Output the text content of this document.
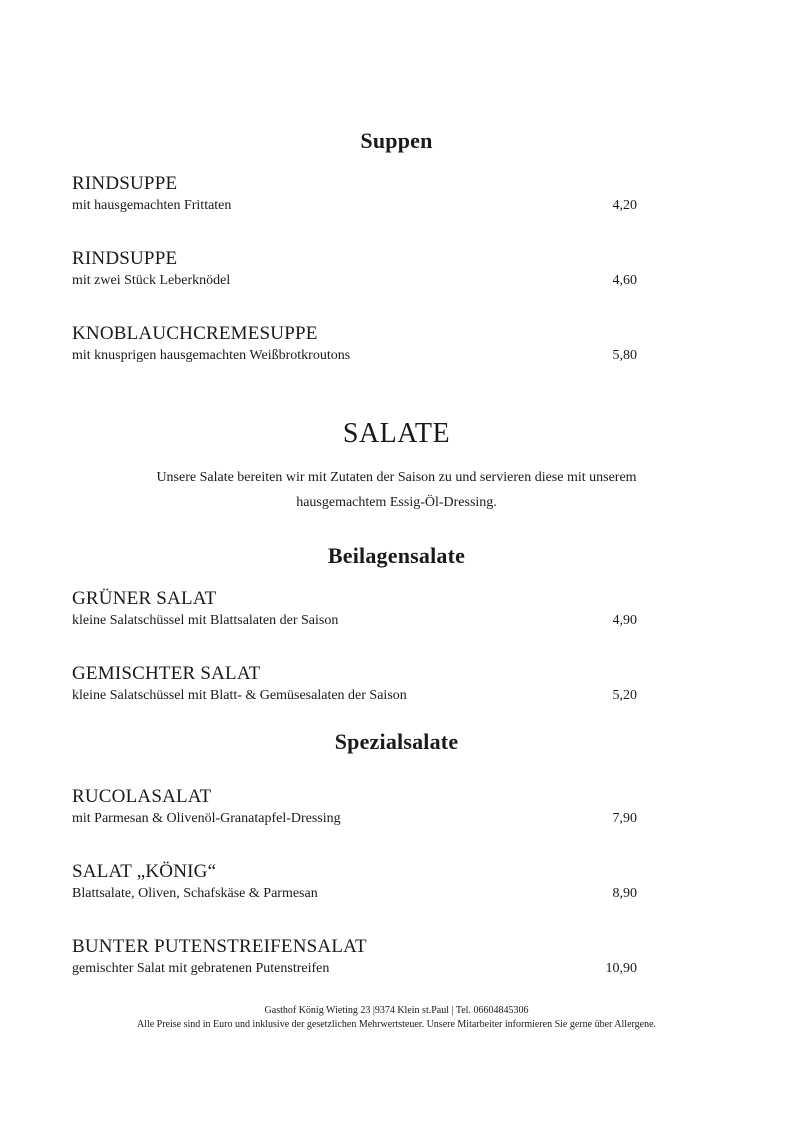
Suppen
RINDSUPPE
mit hausgemachten Frittaten	4,20
RINDSUPPE
mit zwei Stück Leberknödel	4,60
KNOBLAUCHCREMESUPPE
mit knusprigen hausgemachten Weißbrotkroutons	5,80
SALATE
Unsere Salate bereiten wir mit Zutaten der Saison zu und servieren diese mit unserem
hausgemachtem Essig-Öl-Dressing.
Beilagensalate
GRÜNER SALAT
kleine Salatschüssel mit Blattsalaten der Saison	4,90
GEMISCHTER SALAT
kleine Salatschüssel mit Blatt- & Gemüsesalaten der Saison	5,20
Spezialsalate
RUCOLASALAT
mit Parmesan & Olivenöl-Granatapfel-Dressing	7,90
SALAT „KÖNIG“
Blattsalate, Oliven, Schafskäse & Parmesan	8,90
BUNTER PUTENSTREIFENSALAT
gemischter Salat mit gebratenen Putenstreifen	10,90
Gasthof König Wieting 23 |9374 Klein st.Paul | Tel. 06604845306
Alle Preise sind in Euro und inklusive der gesetzlichen Mehrwertsteuer. Unsere Mitarbeiter informieren Sie gerne über Allergene.
